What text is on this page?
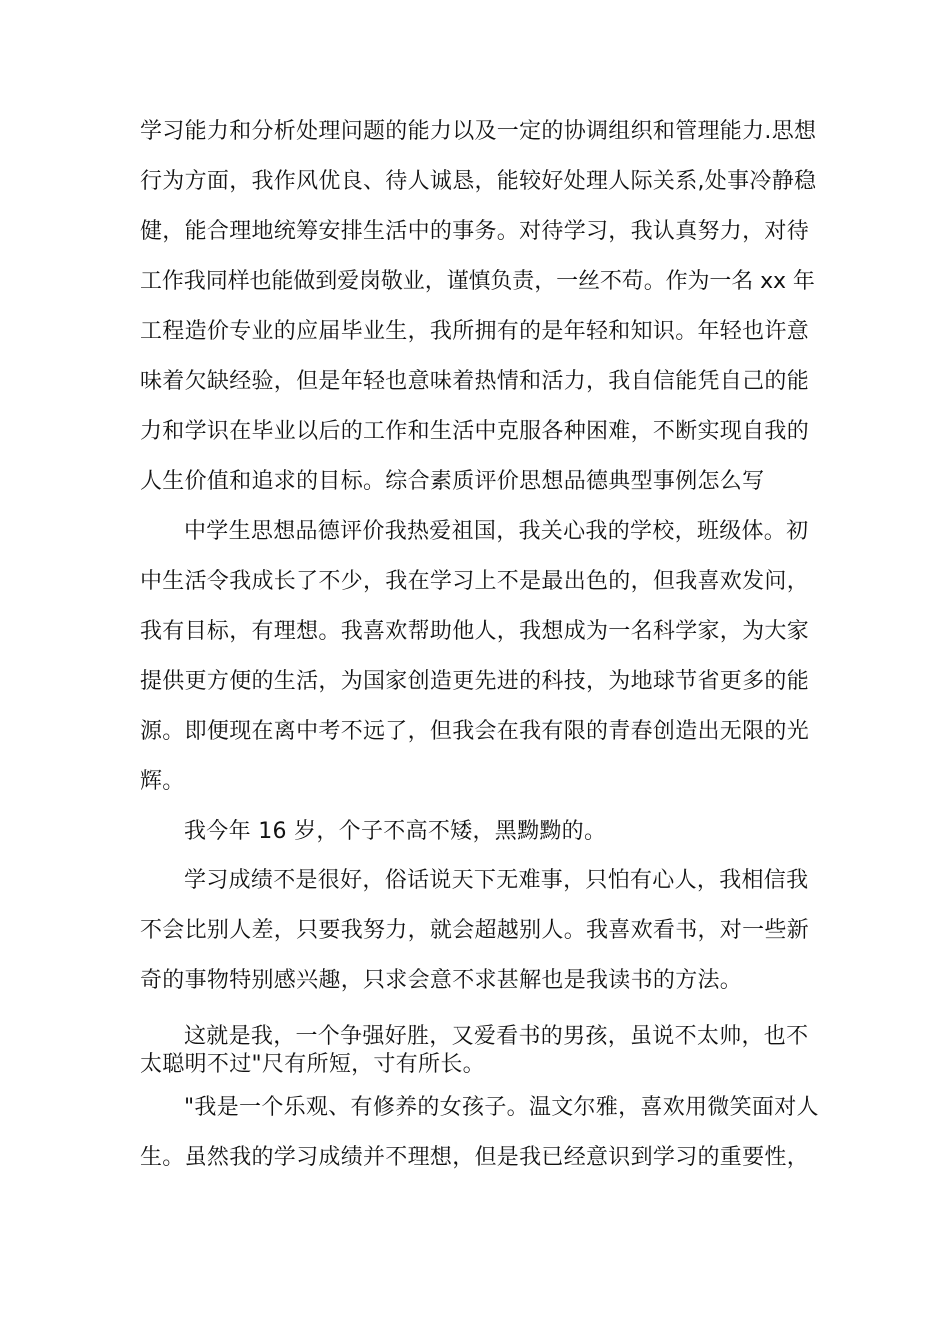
学习能力和分析处理问题的能力以及一定的协调组织和管理能力.思想
行为方面，我作风优良、待人诚恳，能较好处理人际关系,处事冷静稳
健，能合理地统筹安排生活中的事务。对待学习，我认真努力，对待
工作我同样也能做到爱岗敬业，谨慎负责，一丝不苟。作为一名 xx 年
工程造价专业的应届毕业生，我所拥有的是年轻和知识。年轻也许意
味着欠缺经验，但是年轻也意味着热情和活力，我自信能凭自己的能
力和学识在毕业以后的工作和生活中克服各种困难，不断实现自我的
人生价值和追求的目标。综合素质评价思想品德典型事例怎么写
中学生思想品德评价我热爱祖国，我关心我的学校，班级体。初
中生活令我成长了不少，我在学习上不是最出色的，但我喜欢发问，
我有目标，有理想。我喜欢帮助他人，我想成为一名科学家，为大家
提供更方便的生活，为国家创造更先进的科技，为地球节省更多的能
源。即便现在离中考不远了，但我会在我有限的青春创造出无限的光
辉。
我今年 16 岁，个子不高不矮，黑黝黝的。
学习成绩不是很好，俗话说天下无难事，只怕有心人，我相信我
不会比别人差，只要我努力，就会超越别人。我喜欢看书，对一些新
奇的事物特别感兴趣，只求会意不求甚解也是我读书的方法。
这就是我，一个争强好胜，又爱看书的男孩，虽说不太帅，也不
太聪明不过"尺有所短，寸有所长。
"我是一个乐观、有修养的女孩子。温文尔雅，喜欢用微笑面对人
生。虽然我的学习成绩并不理想，但是我已经意识到学习的重要性，
